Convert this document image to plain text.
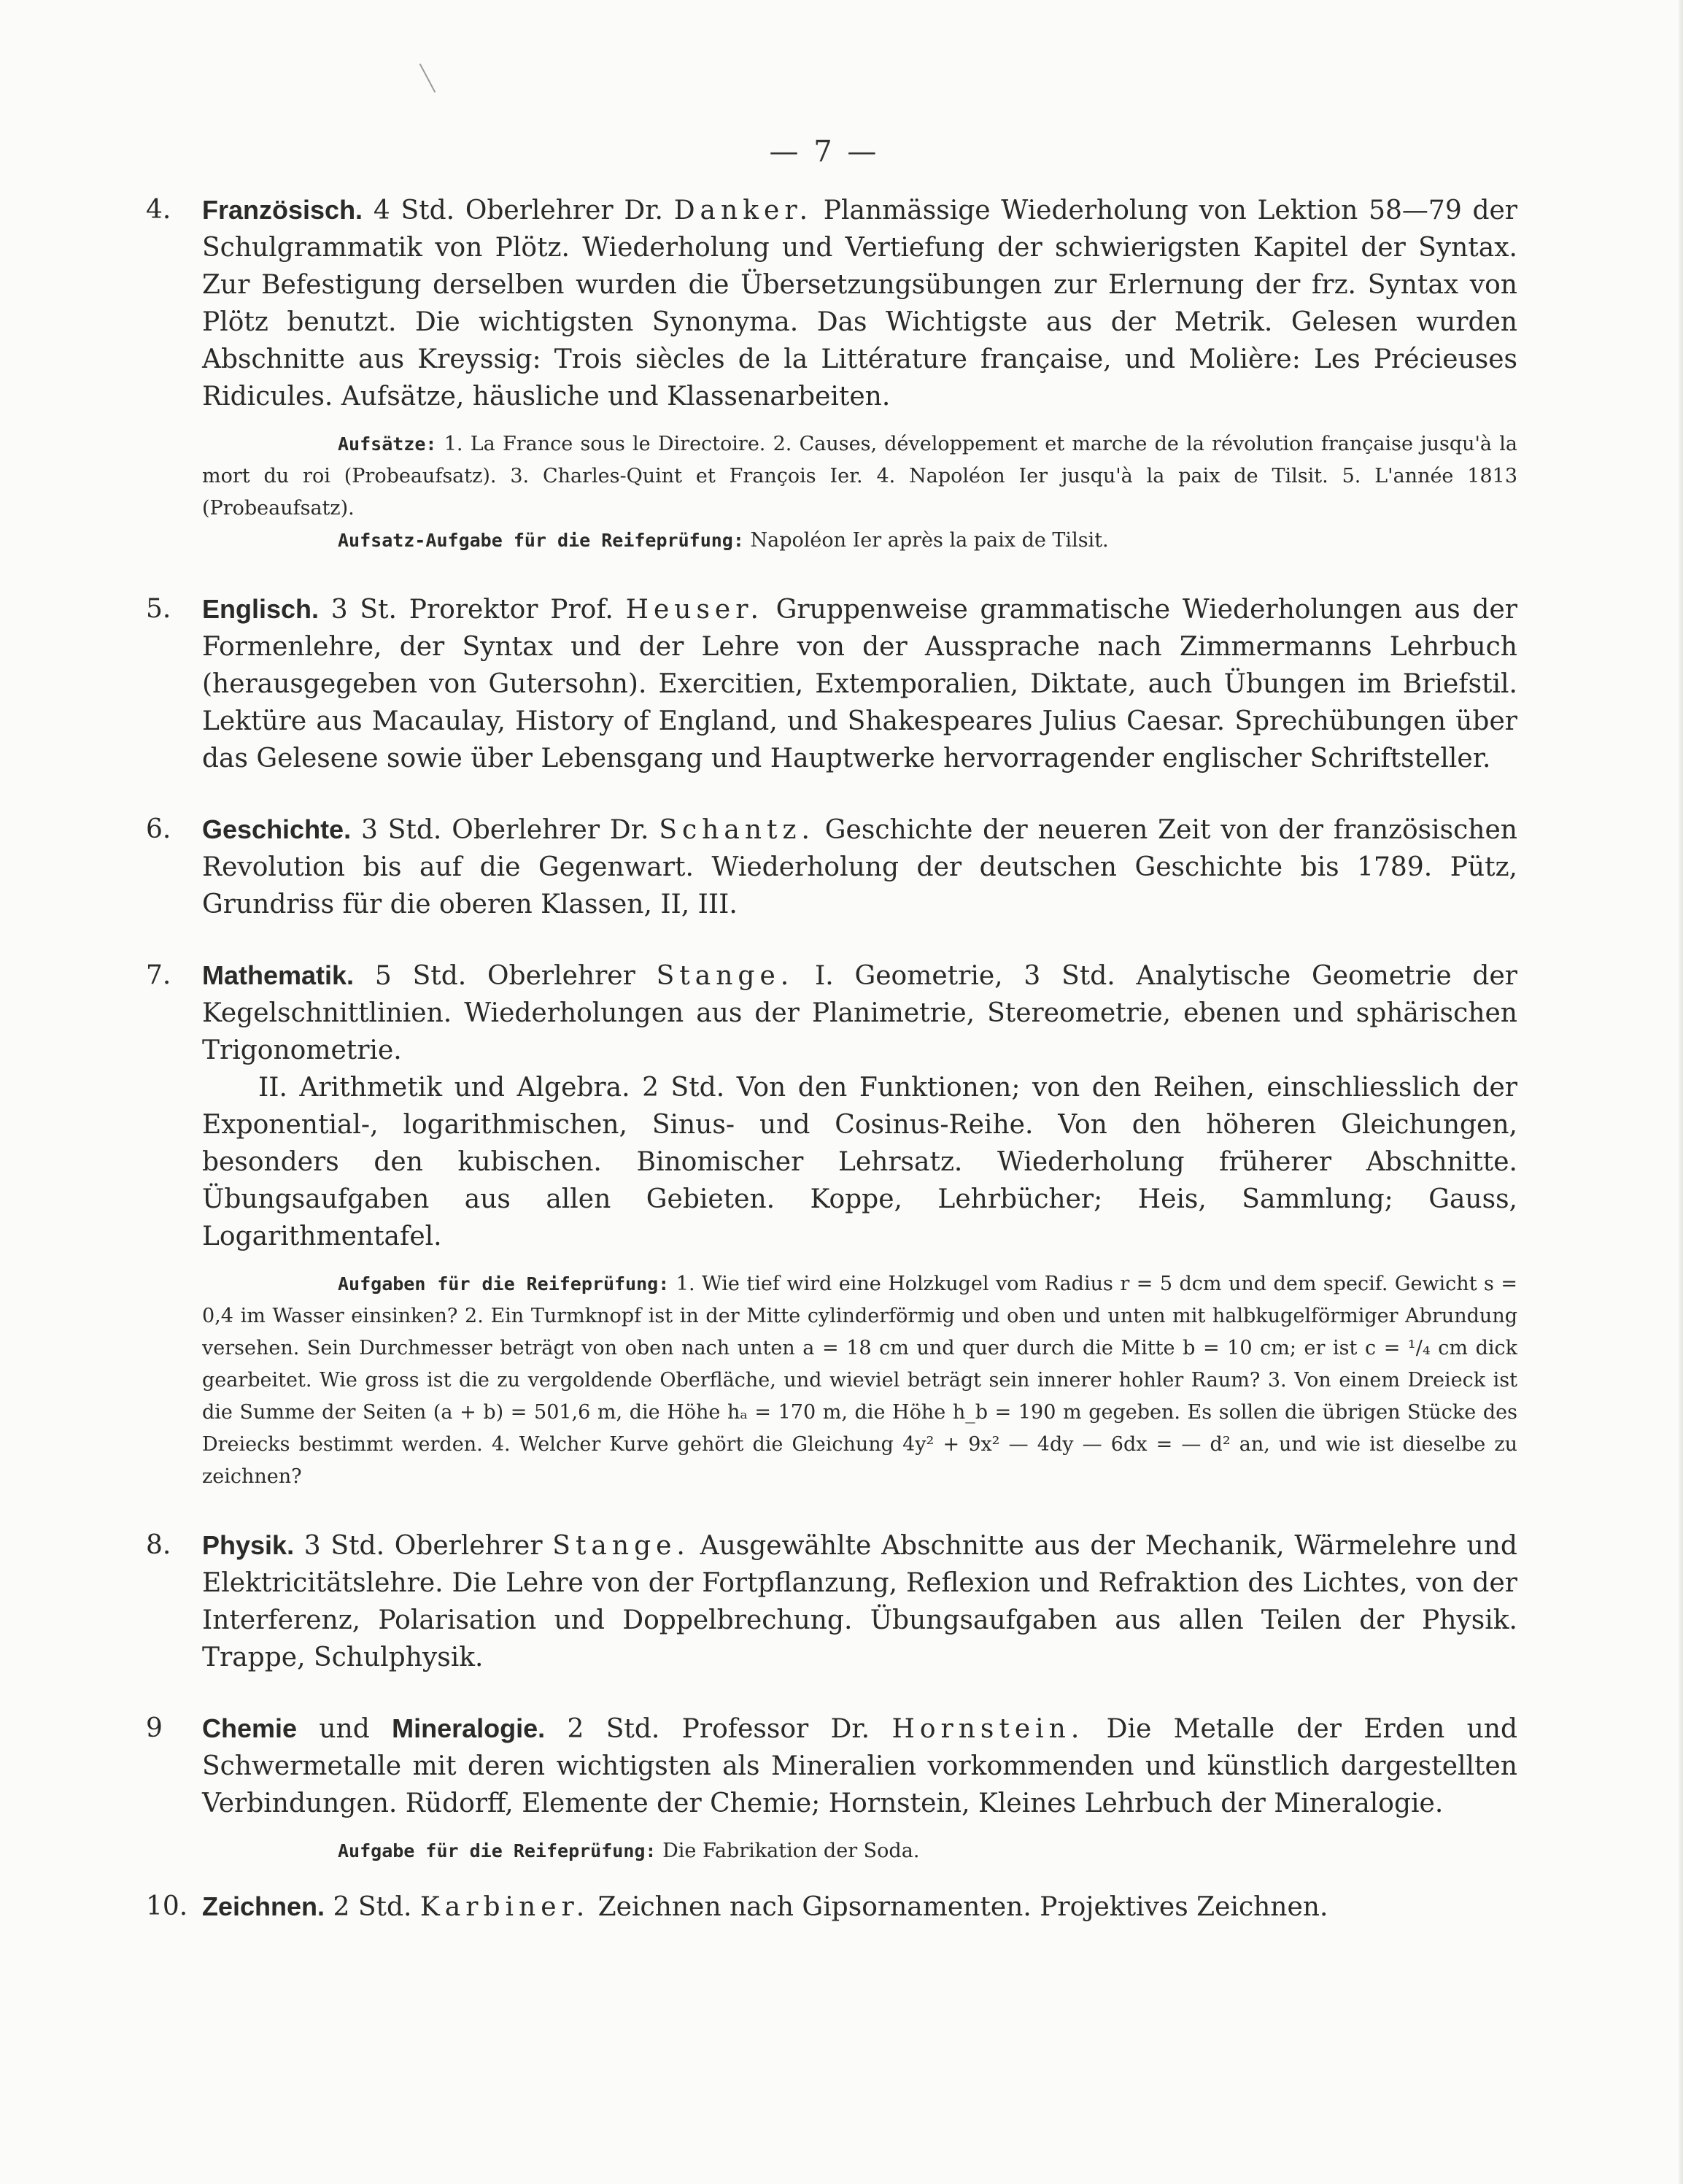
— 7 —
4. Französisch. 4 Std. Oberlehrer Dr. Danker. Planmässige Wiederholung von Lektion 58—79 der Schulgrammatik von Plötz. Wiederholung und Vertiefung der schwierigsten Kapitel der Syntax. Zur Befestigung derselben wurden die Übersetzungsübungen zur Erlernung der frz. Syntax von Plötz benutzt. Die wichtigsten Synonyma. Das Wichtigste aus der Metrik. Gelesen wurden Abschnitte aus Kreyssig: Trois siècles de la Littérature française, und Molière: Les Précieuses Ridicules. Aufsätze, häusliche und Klassenarbeiten.
Aufsätze: 1. La France sous le Directoire. 2. Causes, développement et marche de la révolution française jusqu'à la mort du roi (Probeaufsatz). 3. Charles-Quint et François Ier. 4. Napoléon Ier jusqu'à la paix de Tilsit. 5. L'année 1813 (Probeaufsatz).
Aufsatz-Aufgabe für die Reifeprüfung: Napoléon Ier après la paix de Tilsit.
5. Englisch. 3 St. Prorektor Prof. Heuser. Gruppenweise grammatische Wiederholungen aus der Formenlehre, der Syntax und der Lehre von der Aussprache nach Zimmermanns Lehrbuch (herausgegeben von Gutersohn). Exercitien, Extemporalien, Diktate, auch Übungen im Briefstil. Lektüre aus Macaulay, History of England, und Shakespeares Julius Caesar. Sprechübungen über das Gelesene sowie über Lebensgang und Hauptwerke hervorragender englischer Schriftsteller.
6. Geschichte. 3 Std. Oberlehrer Dr. Schantz. Geschichte der neueren Zeit von der französischen Revolution bis auf die Gegenwart. Wiederholung der deutschen Geschichte bis 1789. Pütz, Grundriss für die oberen Klassen, II, III.
7. Mathematik. 5 Std. Oberlehrer Stange. I. Geometrie, 3 Std. Analytische Geometrie der Kegelschnittlinien. Wiederholungen aus der Planimetrie, Stereometrie, ebenen und sphärischen Trigonometrie.
II. Arithmetik und Algebra. 2 Std. Von den Funktionen; von den Reihen, einschliesslich der Exponential-, logarithmischen, Sinus- und Cosinus-Reihe. Von den höheren Gleichungen, besonders den kubischen. Binomischer Lehrsatz. Wiederholung früherer Abschnitte. Übungsaufgaben aus allen Gebieten. Koppe, Lehrbücher; Heis, Sammlung; Gauss, Logarithmentafel.
Aufgaben für die Reifeprüfung: 1. Wie tief wird eine Holzkugel vom Radius r = 5 dcm und dem specif. Gewicht s = 0,4 im Wasser einsinken? 2. Ein Turmknopf ist in der Mitte cylinderförmig und oben und unten mit halbkugelförmiger Abrundung versehen. Sein Durchmesser beträgt von oben nach unten a = 18 cm und quer durch die Mitte b = 10 cm; er ist c = ¹/₄ cm dick gearbeitet. Wie gross ist die zu vergoldende Oberfläche, und wieviel beträgt sein innerer hohler Raum? 3. Von einem Dreieck ist die Summe der Seiten (a + b) = 501,6 m, die Höhe hₐ = 170 m, die Höhe h_b = 190 m gegeben. Es sollen die übrigen Stücke des Dreiecks bestimmt werden. 4. Welcher Kurve gehört die Gleichung 4y² + 9x² — 4dy — 6dx = — d² an, und wie ist dieselbe zu zeichnen?
8. Physik. 3 Std. Oberlehrer Stange. Ausgewählte Abschnitte aus der Mechanik, Wärmelehre und Elektricitätslehre. Die Lehre von der Fortpflanzung, Reflexion und Refraktion des Lichtes, von der Interferenz, Polarisation und Doppelbrechung. Übungsaufgaben aus allen Teilen der Physik. Trappe, Schulphysik.
9 Chemie und Mineralogie. 2 Std. Professor Dr. Hornstein. Die Metalle der Erden und Schwermetalle mit deren wichtigsten als Mineralien vorkommenden und künstlich dargestellten Verbindungen. Rüdorff, Elemente der Chemie; Hornstein, Kleines Lehrbuch der Mineralogie.
Aufgabe für die Reifeprüfung: Die Fabrikation der Soda.
10. Zeichnen. 2 Std. Karbiner. Zeichnen nach Gipsornamenten. Projektives Zeichnen.
